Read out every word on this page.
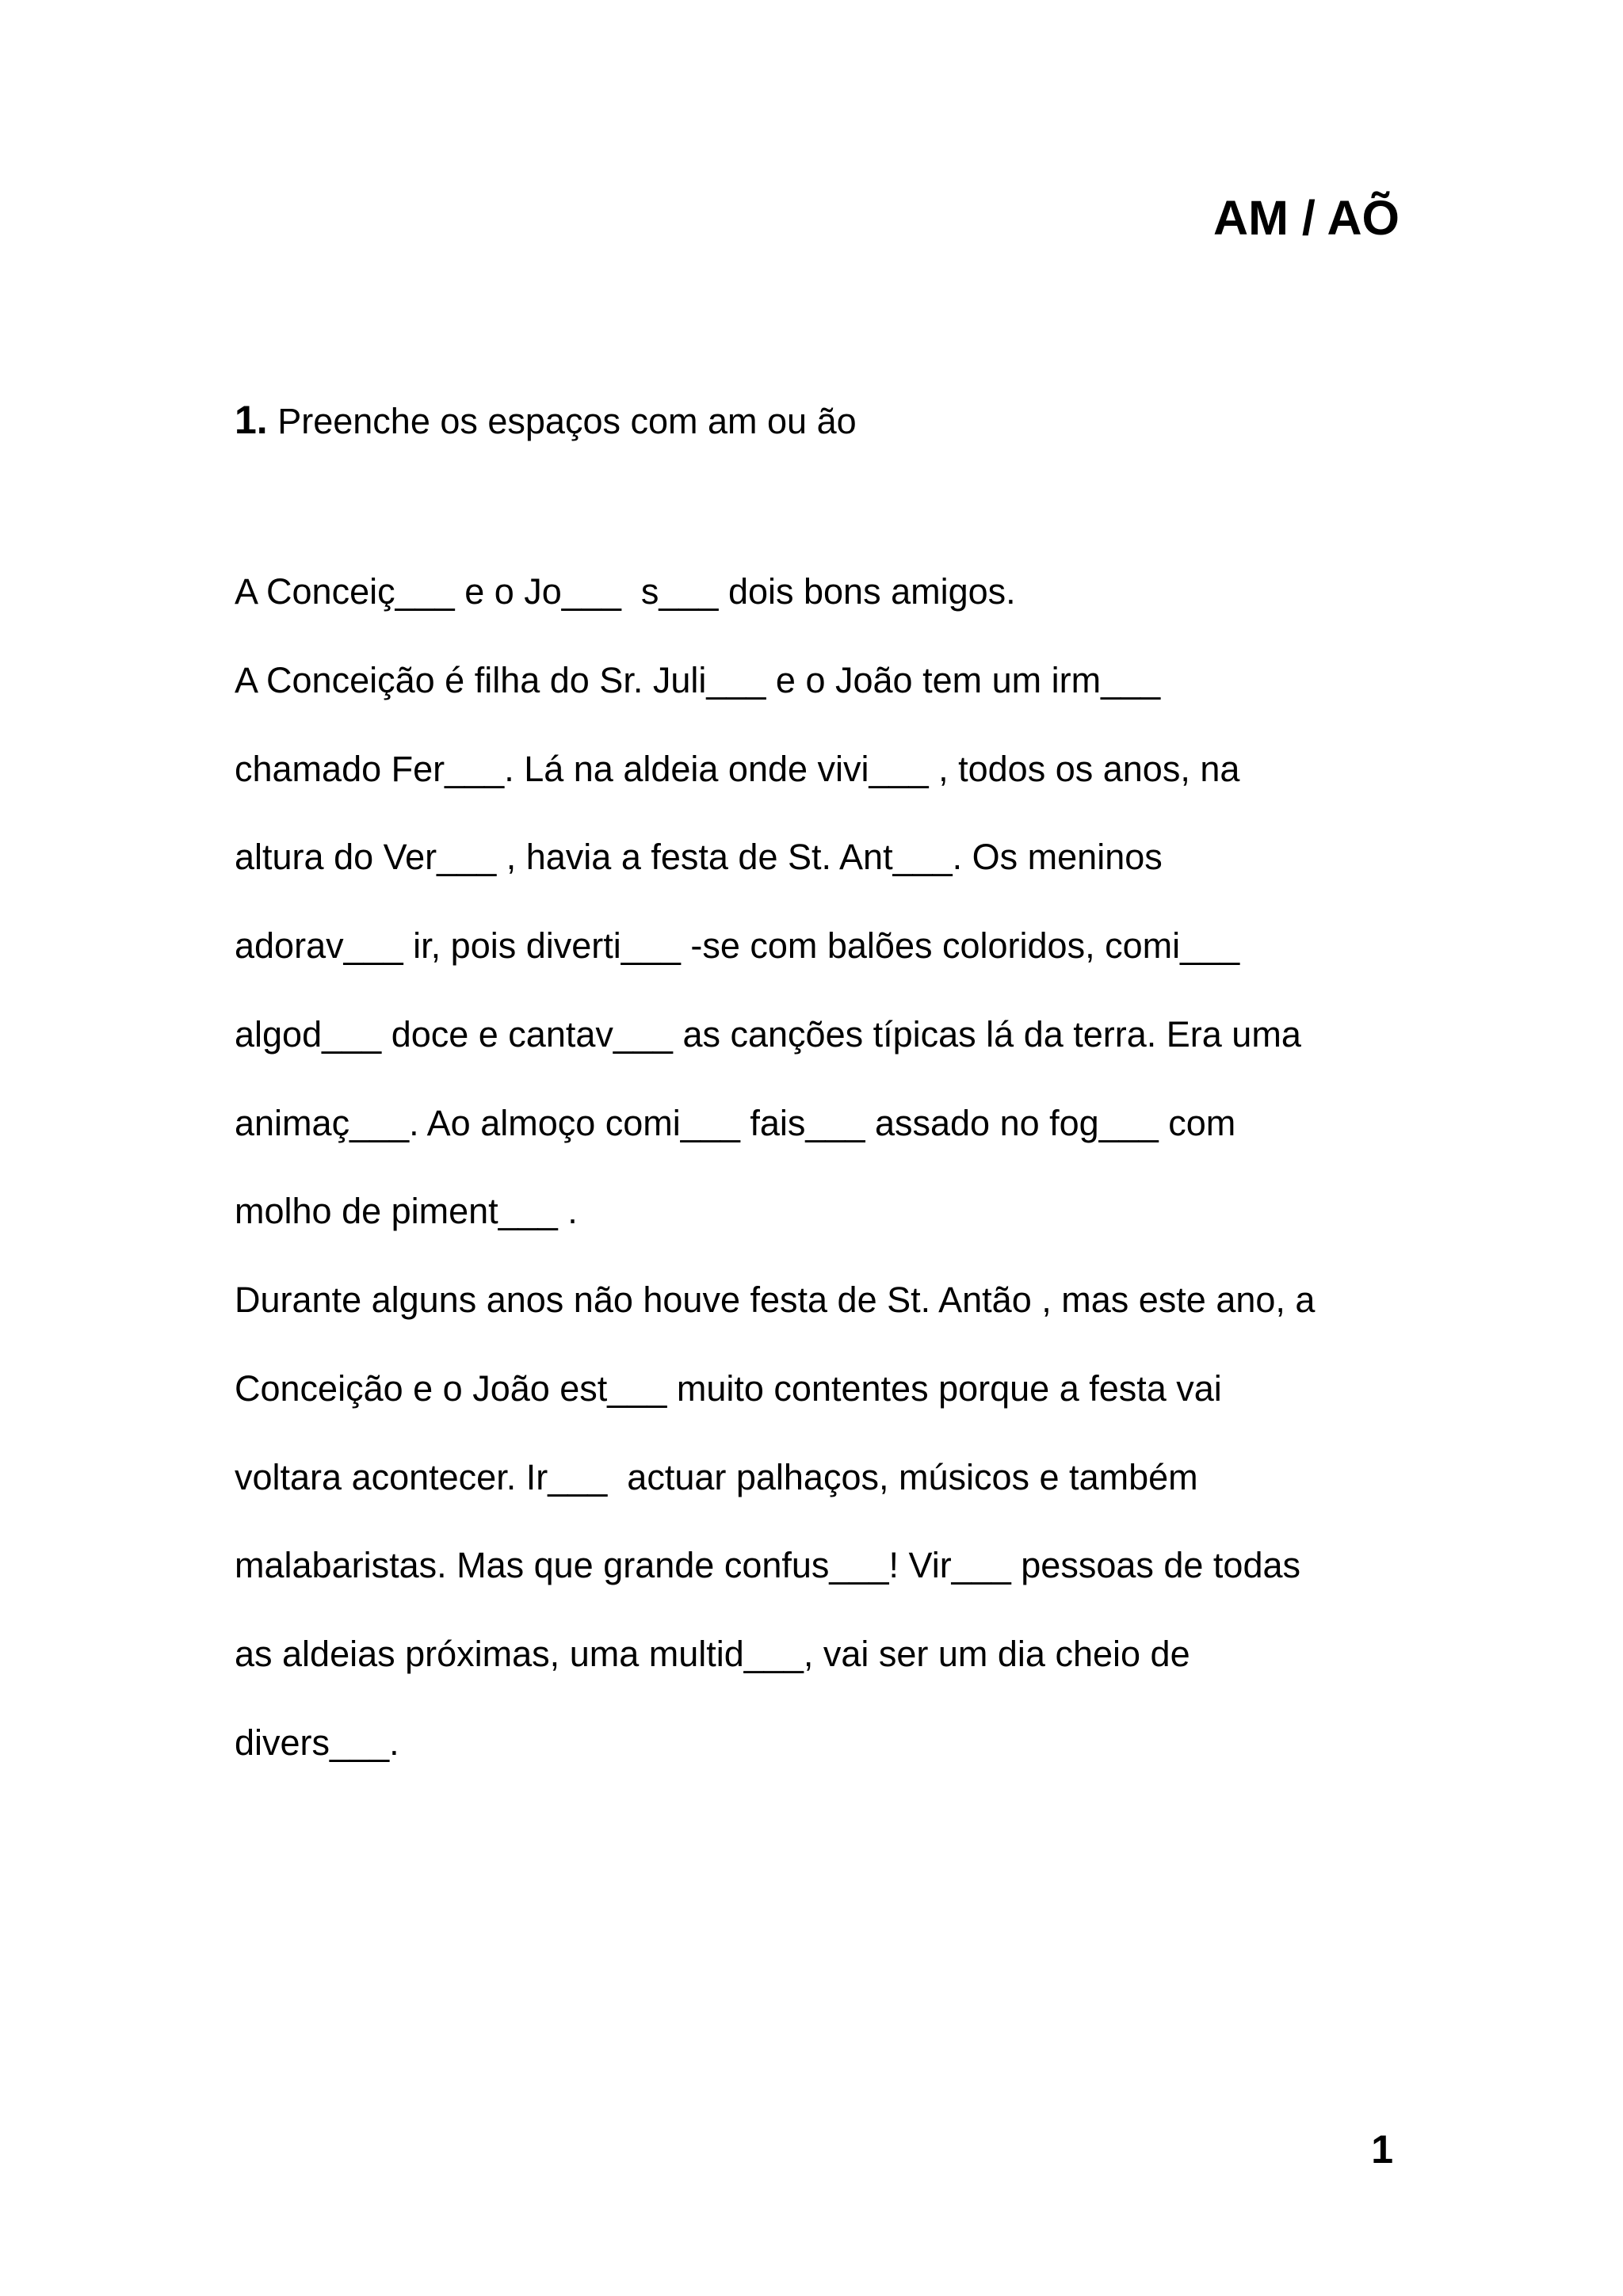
AM / AÕ
1. Preenche os espaços com am ou ão
A Conceiç___ e o Jo___  s___ dois bons amigos.
A Conceição é filha do Sr. Juli___ e o João tem um irm___
chamado Fer___. Lá na aldeia onde vivi___ , todos os anos, na
altura do Ver___ , havia a festa de St. Ant___. Os meninos
adorav___ ir, pois diverti___ -se com balões coloridos, comi___
algod___ doce e cantav___ as canções típicas lá da terra. Era uma
animaç___. Ao almoço comi___ fais___ assado no fog___ com
molho de piment___ .
Durante alguns anos não houve festa de St. Antão , mas este ano, a
Conceição e o João est___ muito contentes porque a festa vai
voltara acontecer. Ir___  actuar palhaços, músicos e também
malabaristas. Mas que grande confus___! Vir___ pessoas de todas
as aldeias próximas, uma multid___, vai ser um dia cheio de
divers___.
1
